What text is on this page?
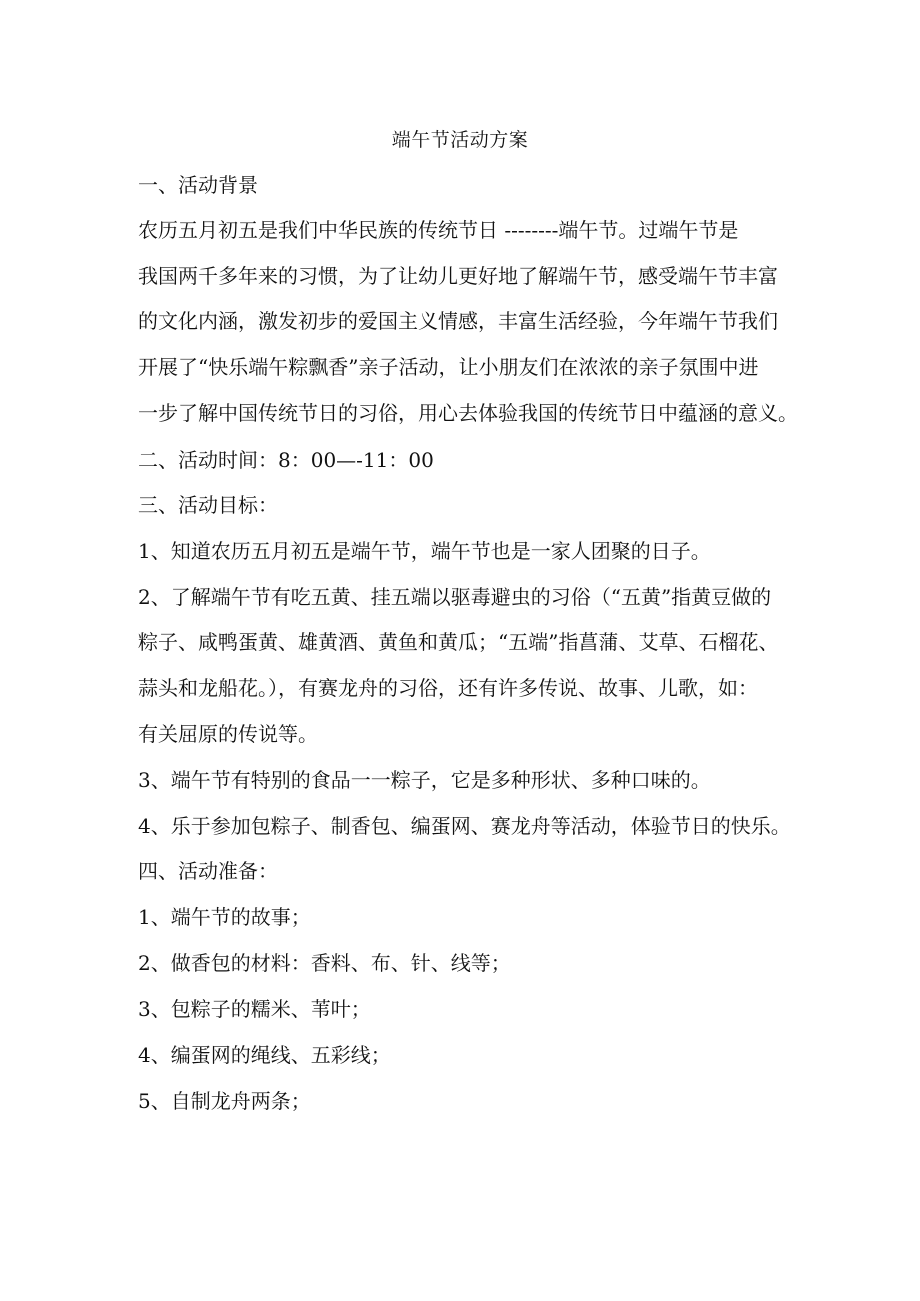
端午节活动方案
一、活动背景
农历五月初五是我们中华民族的传统节日 --------端午节。过端午节是
我国两千多年来的习惯，为了让幼儿更好地了解端午节，感受端午节丰富
的文化内涵，激发初步的爱国主义情感，丰富生活经验，今年端午节我们
开展了“快乐端午粽飘香”亲子活动，让小朋友们在浓浓的亲子氛围中进
一步了解中国传统节日的习俗，用心去体验我国的传统节日中蕴涵的意义。
二、活动时间：8：00—-11：00
三、活动目标：
1、知道农历五月初五是端午节，端午节也是一家人团聚的日子。
2、了解端午节有吃五黄、挂五端以驱毒避虫的习俗（“五黄”指黄豆做的
粽子、咸鸭蛋黄、雄黄酒、黄鱼和黄瓜；“五端”指菖蒲、艾草、石榴花、
蒜头和龙船花。），有赛龙舟的习俗，还有许多传说、故事、儿歌，如：
有关屈原的传说等。
3、端午节有特别的食品一一粽子，它是多种形状、多种口味的。
4、乐于参加包粽子、制香包、编蛋网、赛龙舟等活动，体验节日的快乐。
四、活动准备：
1、端午节的故事；
2、做香包的材料：香料、布、针、线等；
3、包粽子的糯米、苇叶；
4、编蛋网的绳线、五彩线；
5、自制龙舟两条；
